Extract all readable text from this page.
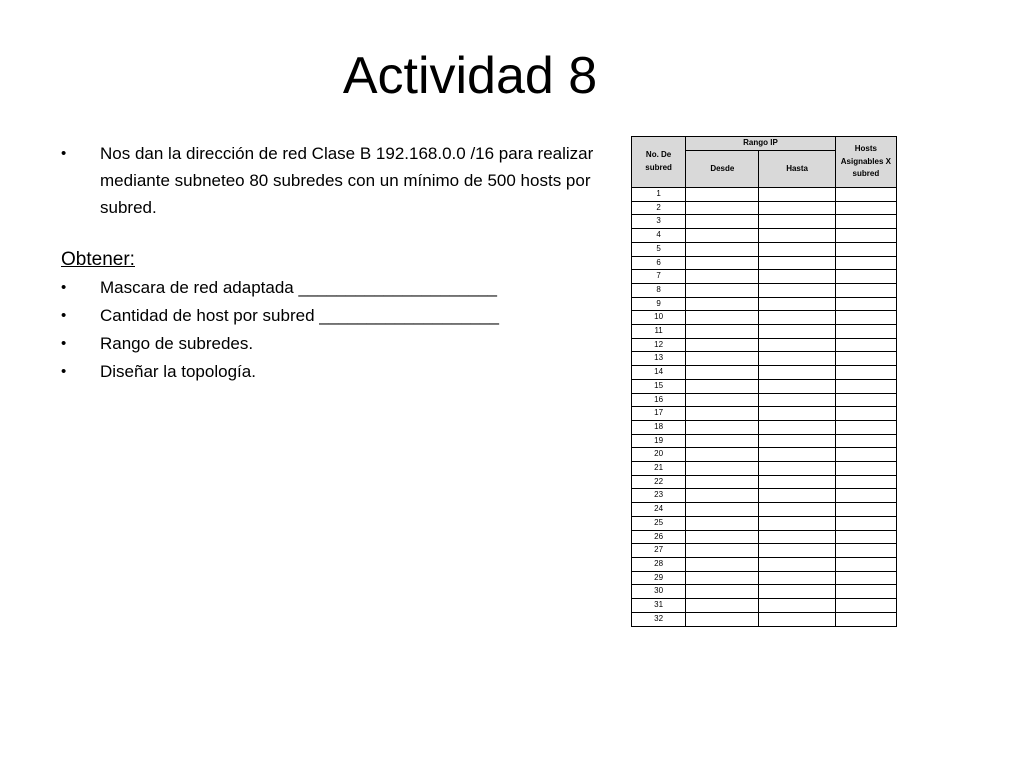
Actividad 8
• Nos dan la dirección de red Clase B 192.168.0.0 /16 para realizar mediante subneteo 80 subredes con un mínimo de 500 hosts por subred.
Obtener:
• Mascara de red adaptada _____________________
• Cantidad de host por subred ___________________
• Rango de subredes.
• Diseñar la topología.
No. De subred	Rango IP		Hosts Asignables X subred
	Desde	Hasta	
1			
2			
3			
4			
5			
6			
7			
8			
9			
10			
11			
12			
13			
14			
15			
16			
17			
18			
19			
20			
21			
22			
23			
24			
25			
26			
27			
28			
29			
30			
31			
32			
